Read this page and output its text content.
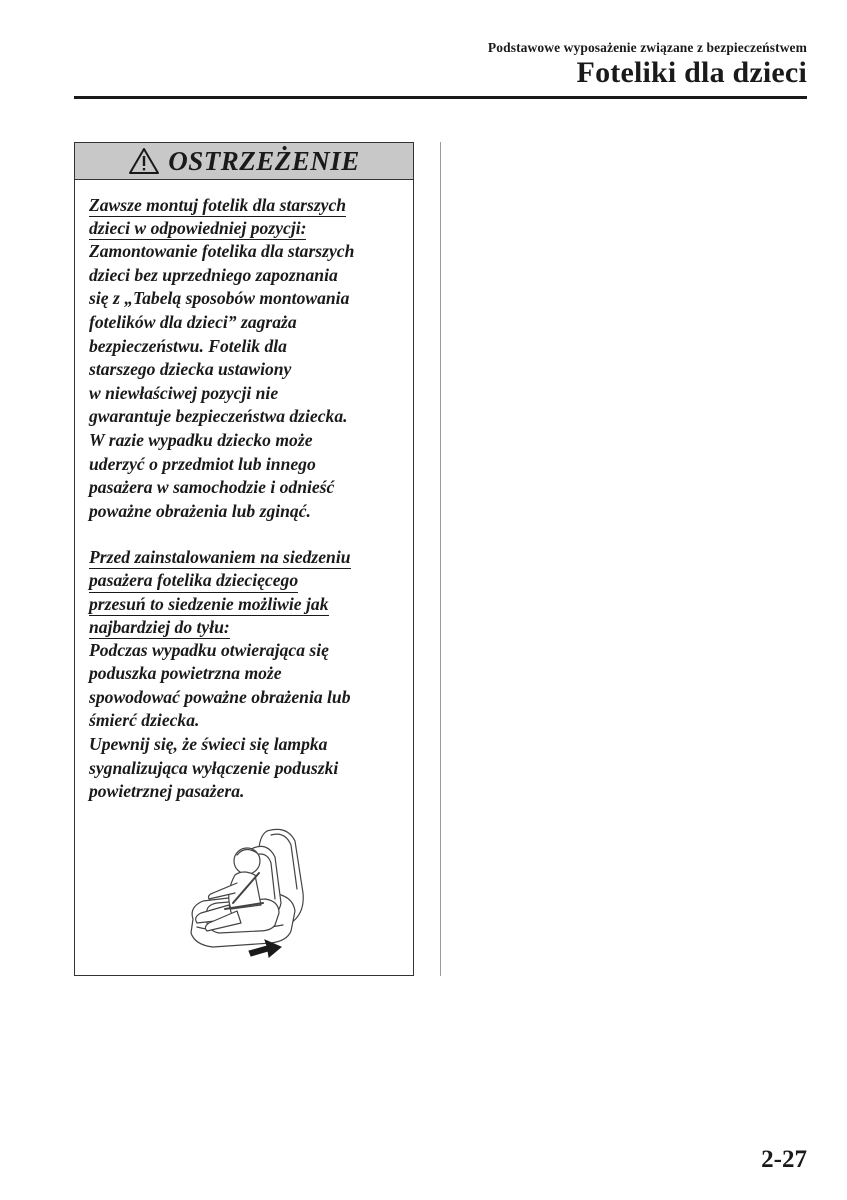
Podstawowe wyposażenie związane z bezpieczeństwem
Foteliki dla dzieci
OSTRZEŻENIE
Zawsze montuj fotelik dla starszych
dzieci w odpowiedniej pozycji:
Zamontowanie fotelika dla starszych
dzieci bez uprzedniego zapoznania
się z „Tabelą sposobów montowania
fotelików dla dzieci” zagraża
bezpieczeństwu. Fotelik dla
starszego dziecka ustawiony
w niewłaściwej pozycji nie
gwarantuje bezpieczeństwa dziecka.
W razie wypadku dziecko może
uderzyć o przedmiot lub innego
pasażera w samochodzie i odnieść
poważne obrażenia lub zginąć.
Przed zainstalowaniem na siedzeniu
pasażera fotelika dziecięcego
przesuń to siedzenie możliwie jak
najbardziej do tyłu:
Podczas wypadku otwierająca się
poduszka powietrzna może
spowodować poważne obrażenia lub
śmierć dziecka.
Upewnij się, że świeci się lampka
sygnalizująca wyłączenie poduszki
powietrznej pasażera.
2-27
